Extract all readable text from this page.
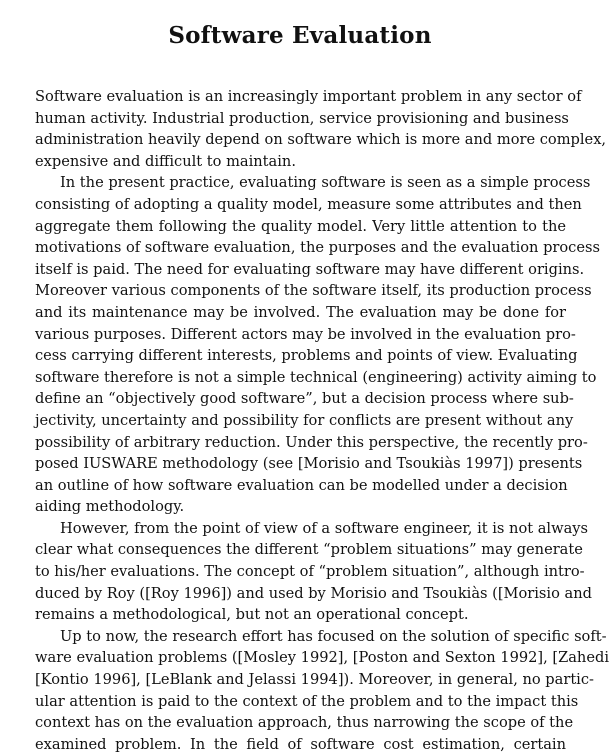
Software Evaluation
Software evaluation is an increasingly important problem in any sector of
human activity. Industrial production, service provisioning and business
administration heavily depend on software which is more and more complex,
expensive and difficult to maintain.
In the present practice, evaluating software is seen as a simple process
consisting of adopting a quality model, measure some attributes and then
aggregate them following the quality model. Very little attention to the
motivations of software evaluation, the purposes and the evaluation process
itself is paid. The need for evaluating software may have different origins.
Moreover various components of the software itself, its production process
and its maintenance may be involved. The evaluation may be done for
various purposes. Different actors may be involved in the evaluation pro-
cess carrying different interests, problems and points of view. Evaluating
software therefore is not a simple technical (engineering) activity aiming to
define an “objectively good software”, but a decision process where sub-
jectivity, uncertainty and possibility for conflicts are present without any
possibility of arbitrary reduction. Under this perspective, the recently pro-
posed IUSWARE methodology (see [Morisio and Tsoukiàs 1997]) presents
an outline of how software evaluation can be modelled under a decision
aiding methodology.
However, from the point of view of a software engineer, it is not always
clear what consequences the different “problem situations” may generate
to his/her evaluations. The concept of “problem situation”, although intro-
duced by Roy ([Roy 1996]) and used by Morisio and Tsoukiàs ([Morisio and
remains a methodological, but not an operational concept.
Up to now, the research effort has focused on the solution of specific soft-
ware evaluation problems ([Mosley 1992], [Poston and Sexton 1992], [Zahedi
[Kontio 1996], [LeBlank and Jelassi 1994]). Moreover, in general, no partic-
ular attention is paid to the context of the problem and to the impact this
context has on the evaluation approach, thus narrowing the scope of the
examined problem. In the field of software cost estimation, certain
